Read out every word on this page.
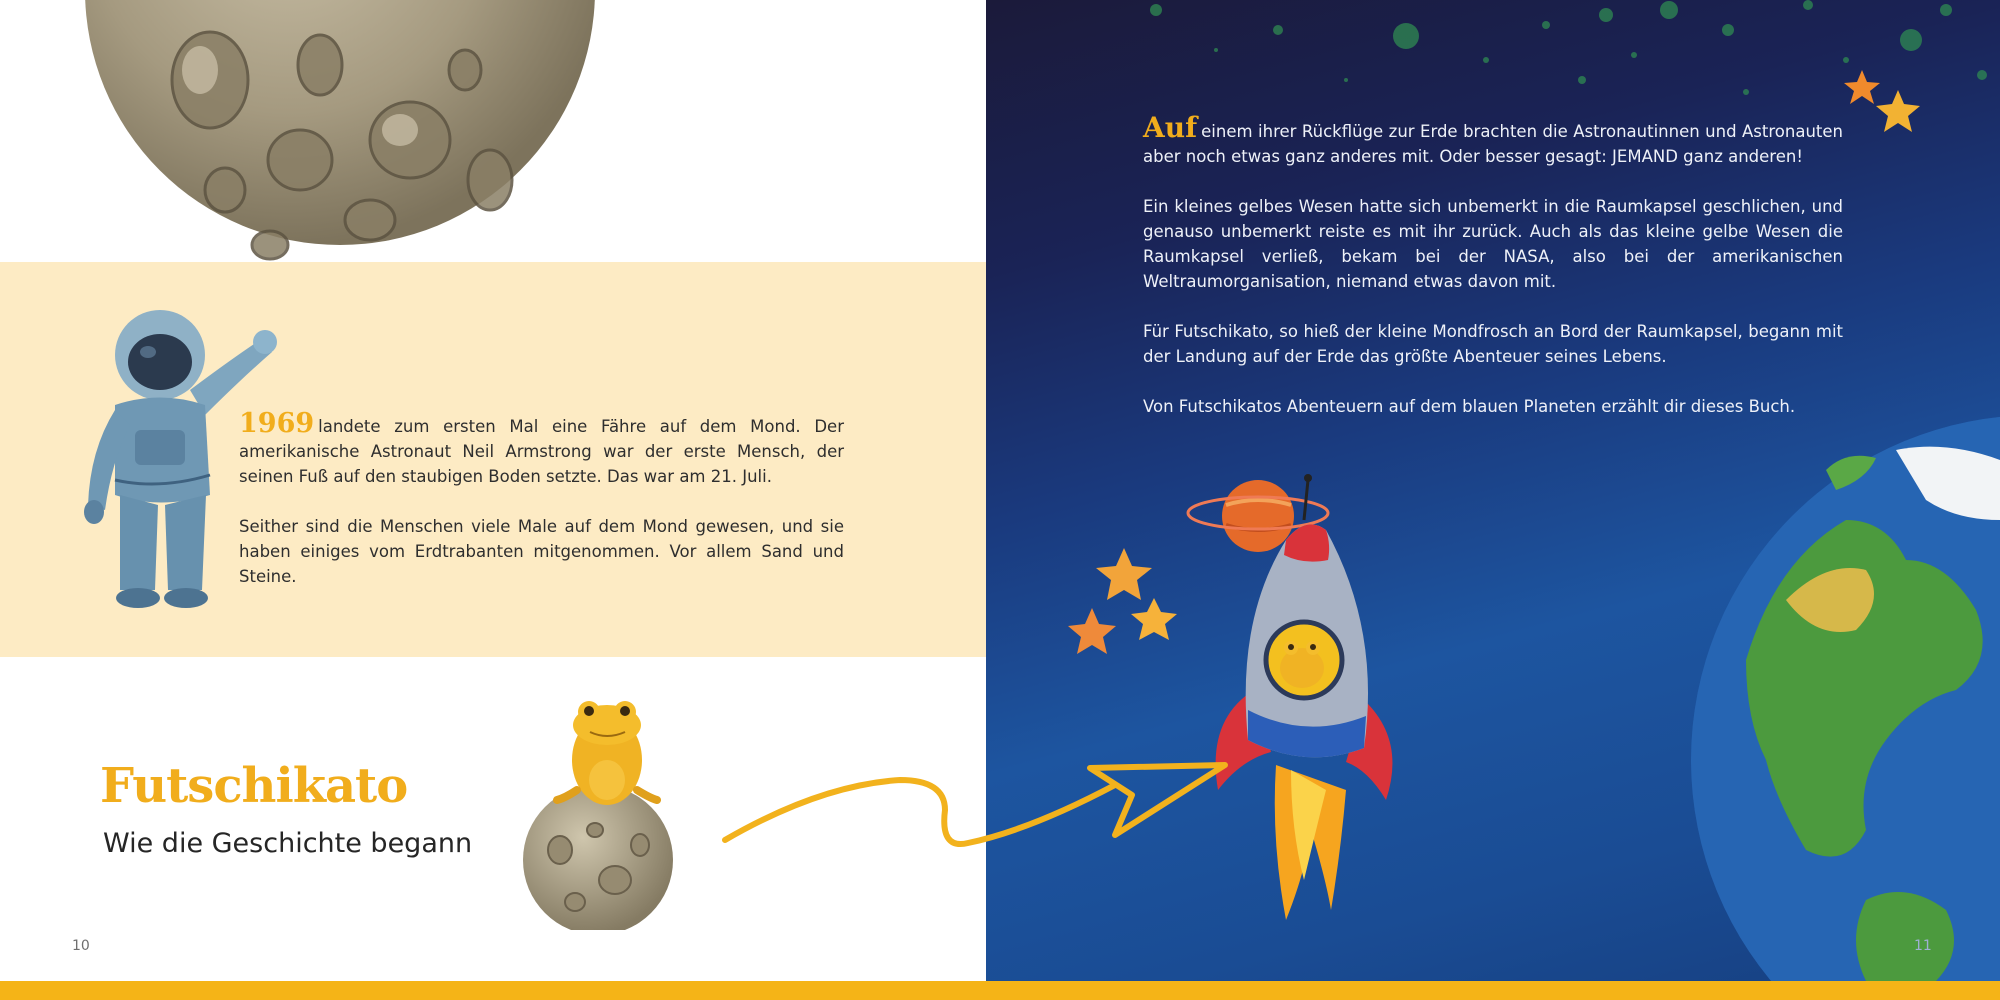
1969 landete zum ersten Mal eine Fähre auf dem Mond. Der amerikanische Astronaut Neil Armstrong war der erste Mensch, der seinen Fuß auf den staubigen Boden setzte. Das war am 21. Juli.

Seither sind die Menschen viele Male auf dem Mond gewesen, und sie haben einiges vom Erdtrabanten mitgenommen. Vor allem Sand und Steine.

Futschikato
Wie die Geschichte begann
10

Auf einem ihrer Rückflüge zur Erde brachten die Astronautinnen und Astronauten aber noch etwas ganz anderes mit. Oder besser gesagt: JEMAND ganz anderen!

Ein kleines gelbes Wesen hatte sich unbemerkt in die Raumkapsel geschlichen, und genauso unbemerkt reiste es mit ihr zurück. Auch als das kleine gelbe Wesen die Raumkapsel verließ, bekam bei der NASA, also bei der amerikanischen Weltraumorganisation, niemand etwas davon mit.

Für Futschikato, so hieß der kleine Mondfrosch an Bord der Raumkapsel, begann mit der Landung auf der Erde das größte Abenteuer seines Lebens.

Von Futschikatos Abenteuern auf dem blauen Planeten erzählt dir dieses Buch.

11
